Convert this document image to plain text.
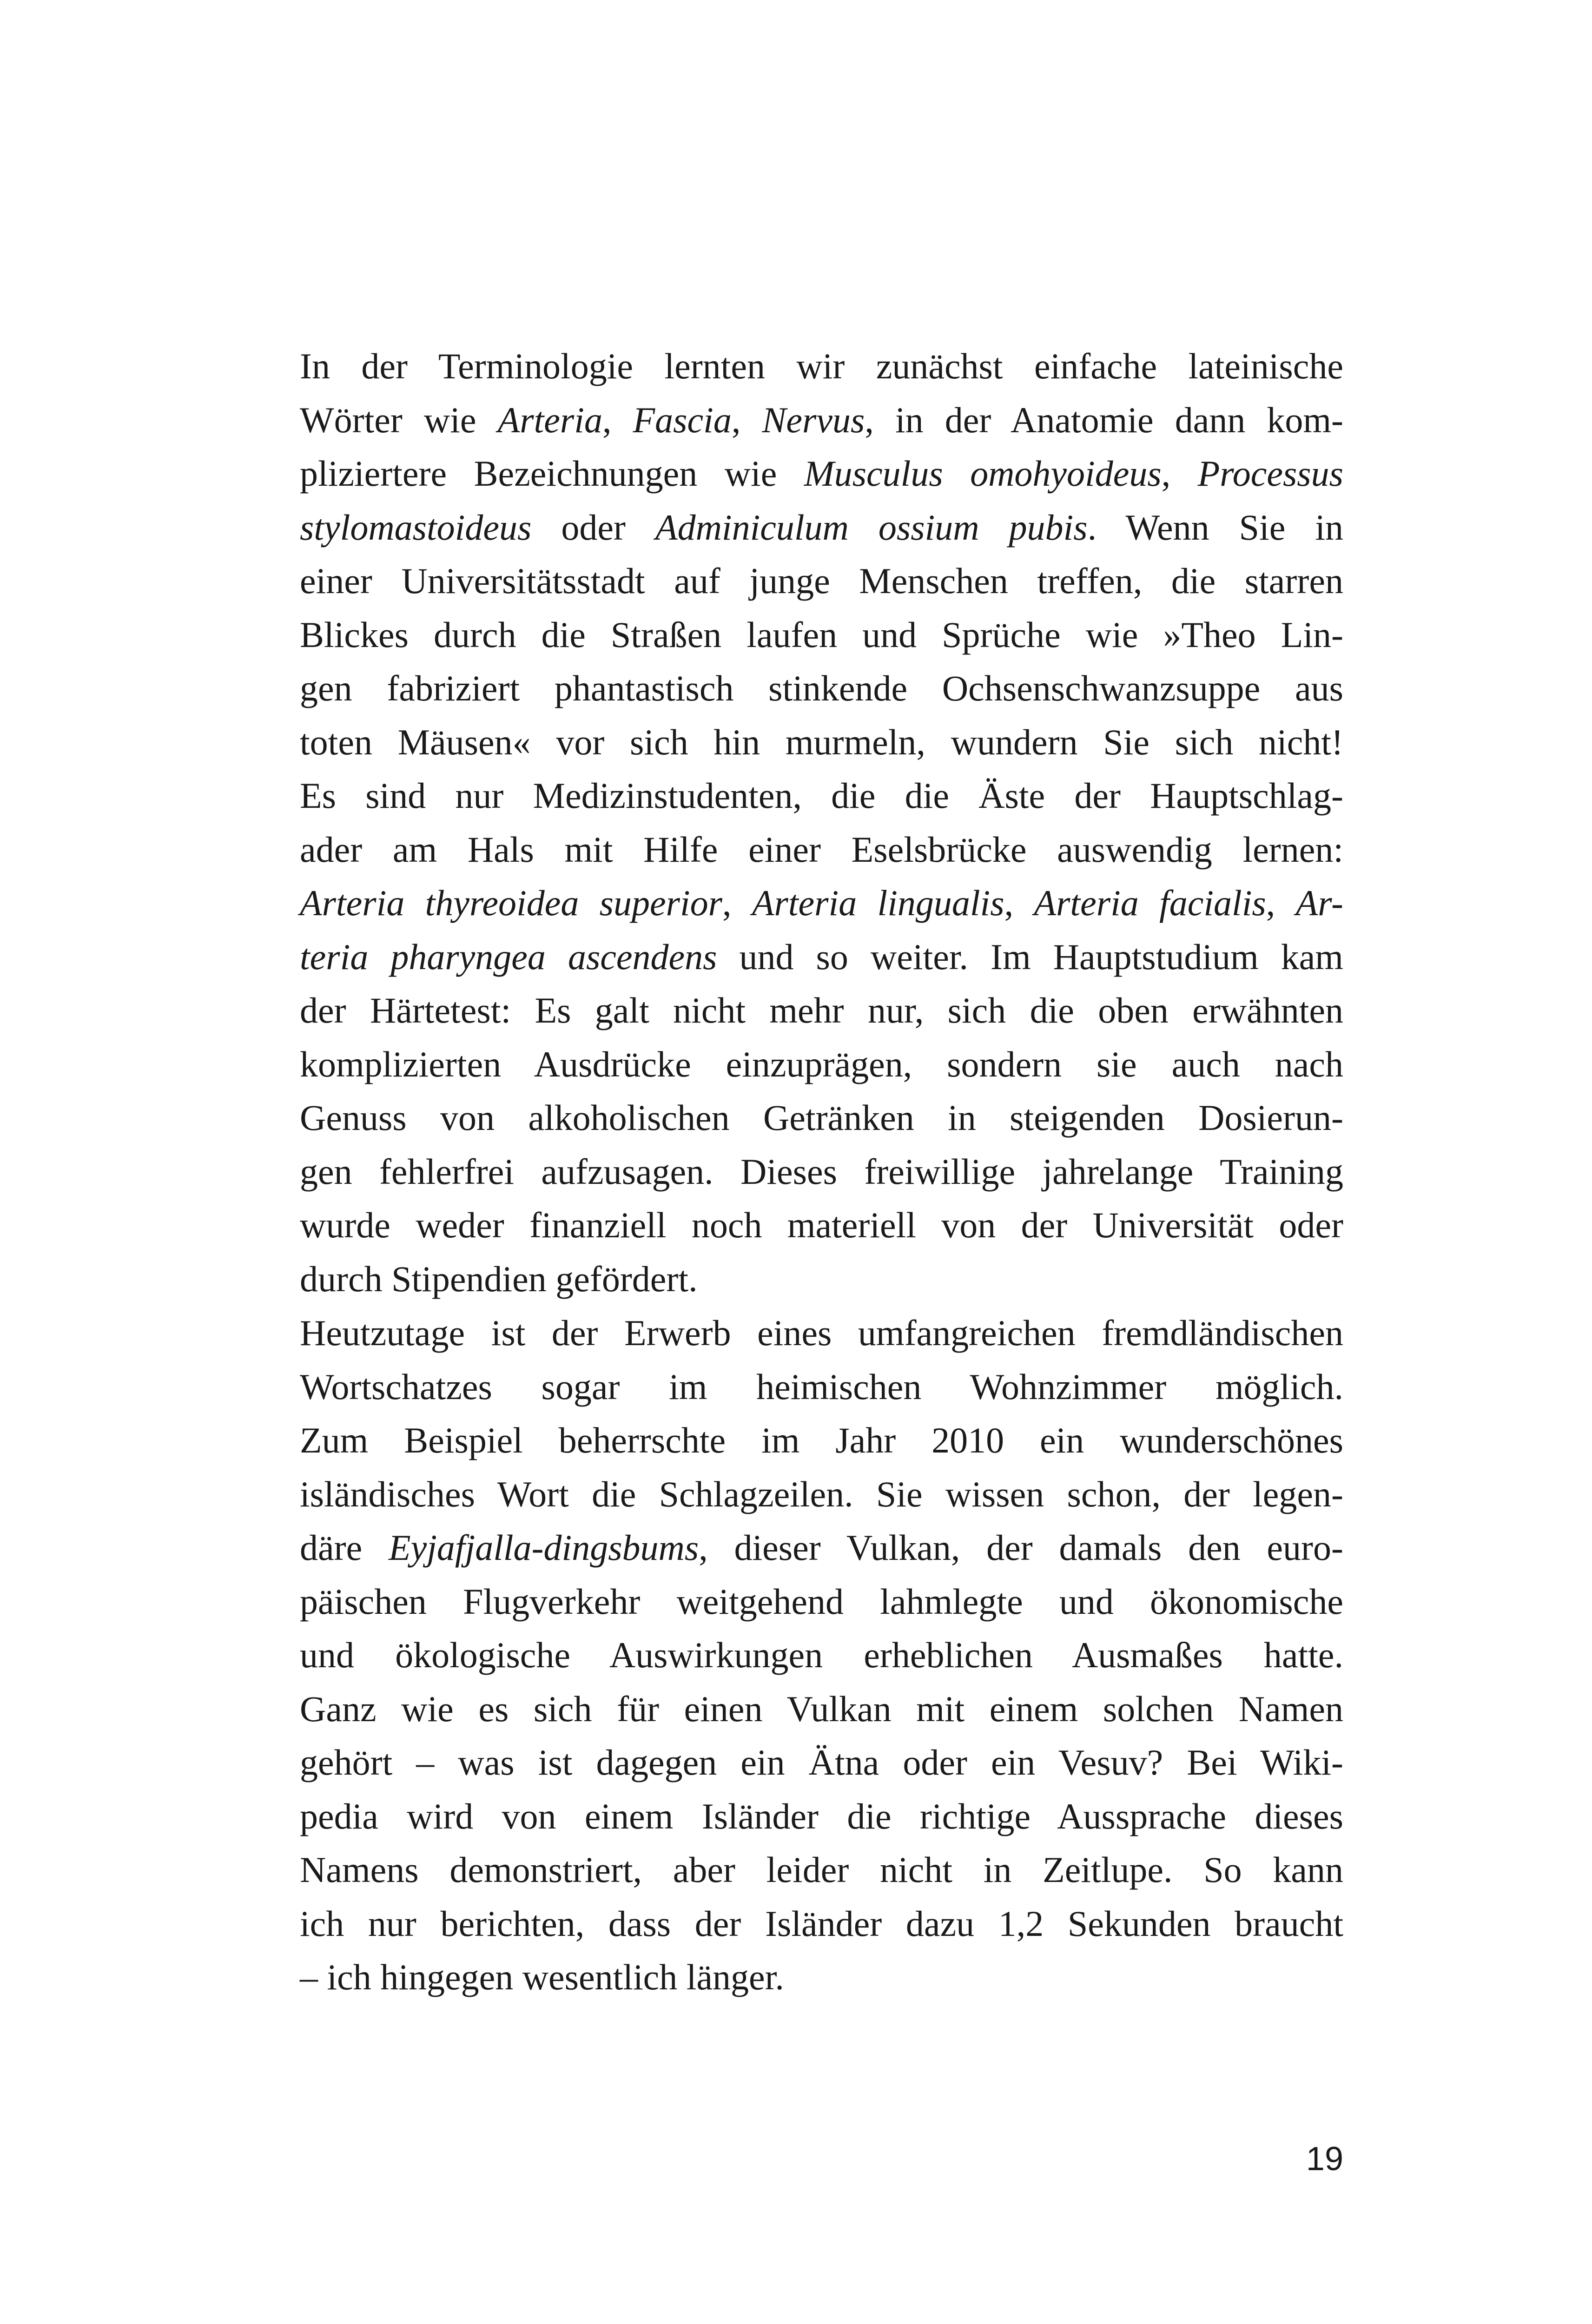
In der Terminologie lernten wir zunächst einfache lateinische
Wörter wie Arteria, Fascia, Nervus, in der Anatomie dann kom-
pliziertere Bezeichnungen wie Musculus omohyoideus, Processus
stylomastoideus oder Adminiculum ossium pubis. Wenn Sie in
einer Universitätsstadt auf junge Menschen treffen, die starren
Blickes durch die Straßen laufen und Sprüche wie »Theo Lin-
gen fabriziert phantastisch stinkende Ochsenschwanzsuppe aus
toten Mäusen« vor sich hin murmeln, wundern Sie sich nicht!
Es sind nur Medizinstudenten, die die Äste der Hauptschlag-
ader am Hals mit Hilfe einer Eselsbrücke auswendig lernen:
Arteria thyreoidea superior, Arteria lingualis, Arteria facialis, Ar-
teria pharyngea ascendens und so weiter. Im Hauptstudium kam
der Härtetest: Es galt nicht mehr nur, sich die oben erwähnten
komplizierten Ausdrücke einzuprägen, sondern sie auch nach
Genuss von alkoholischen Getränken in steigenden Dosierun-
gen fehlerfrei aufzusagen. Dieses freiwillige jahrelange Training
wurde weder finanziell noch materiell von der Universität oder
durch Stipendien gefördert.
Heutzutage ist der Erwerb eines umfangreichen fremdländischen
Wortschatzes sogar im heimischen Wohnzimmer möglich.
Zum Beispiel beherrschte im Jahr 2010 ein wunderschönes
isländisches Wort die Schlagzeilen. Sie wissen schon, der legen-
däre Eyjafjalla-dingsbums, dieser Vulkan, der damals den euro-
päischen Flugverkehr weitgehend lahmlegte und ökonomische
und ökologische Auswirkungen erheblichen Ausmaßes hatte.
Ganz wie es sich für einen Vulkan mit einem solchen Namen
gehört – was ist dagegen ein Ätna oder ein Vesuv? Bei Wiki-
pedia wird von einem Isländer die richtige Aussprache dieses
Namens demonstriert, aber leider nicht in Zeitlupe. So kann
ich nur berichten, dass der Isländer dazu 1,2 Sekunden braucht
– ich hingegen wesentlich länger.
19
